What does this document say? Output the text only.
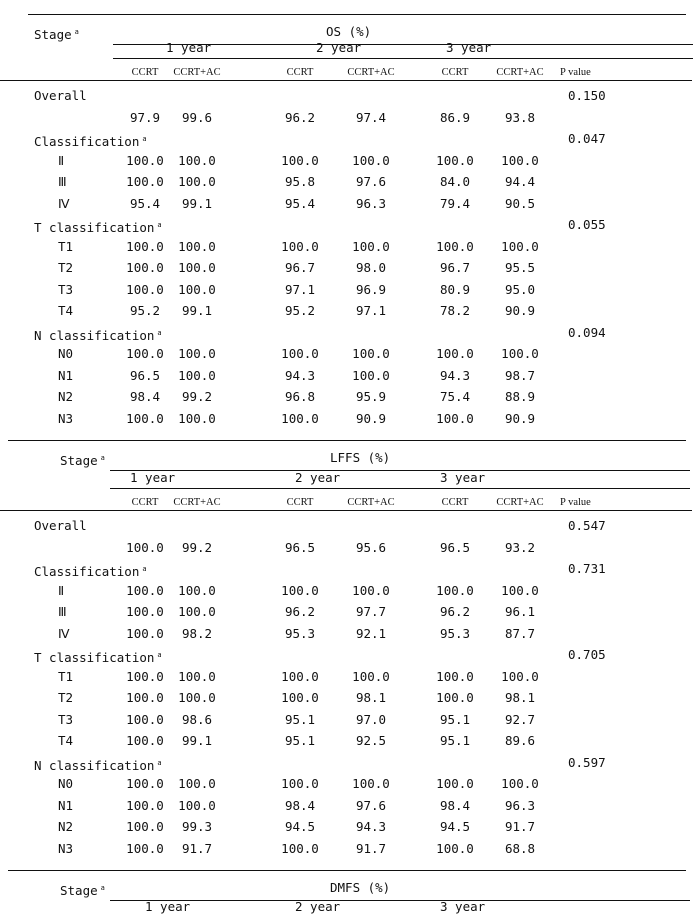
Stage $^a$	OS (%)
1 year	2 year	3 year
CCRT	CCRT+AC	CCRT	CCRT+AC	CCRT	CCRT+AC	P value
Overall	0.150
97.9	99.6	96.2	97.4	86.9	93.8
Classification $^a$	0.047
Ⅱ	100.0	100.0	100.0	100.0	100.0	100.0
Ⅲ	100.0	100.0	95.8	97.6	84.0	94.4
Ⅳ	95.4	99.1	95.4	96.3	79.4	90.5
T classification $^a$	0.055
T1	100.0	100.0	100.0	100.0	100.0	100.0
T2	100.0	100.0	96.7	98.0	96.7	95.5
T3	100.0	100.0	97.1	96.9	80.9	95.0
T4	95.2	99.1	95.2	97.1	78.2	90.9
N classification $^a$	0.094
N0	100.0	100.0	100.0	100.0	100.0	100.0
N1	96.5	100.0	94.3	100.0	94.3	98.7
N2	98.4	99.2	96.8	95.9	75.4	88.9
N3	100.0	100.0	100.0	90.9	100.0	90.9
Stage $^a$	LFFS (%)
1 year	2 year	3 year
CCRT	CCRT+AC	CCRT	CCRT+AC	CCRT	CCRT+AC	P value
Overall	0.547
100.0	99.2	96.5	95.6	96.5	93.2
Classification $^a$	0.731
Ⅱ	100.0	100.0	100.0	100.0	100.0	100.0
Ⅲ	100.0	100.0	96.2	97.7	96.2	96.1
Ⅳ	100.0	98.2	95.3	92.1	95.3	87.7
T classification $^a$	0.705
T1	100.0	100.0	100.0	100.0	100.0	100.0
T2	100.0	100.0	100.0	98.1	100.0	98.1
T3	100.0	98.6	95.1	97.0	95.1	92.7
T4	100.0	99.1	95.1	92.5	95.1	89.6
N classification $^a$	0.597
N0	100.0	100.0	100.0	100.0	100.0	100.0
N1	100.0	100.0	98.4	97.6	98.4	96.3
N2	100.0	99.3	94.5	94.3	94.5	91.7
N3	100.0	91.7	100.0	91.7	100.0	68.8
Stage $^a$	DMFS (%)
1 year	2 year	3 year
